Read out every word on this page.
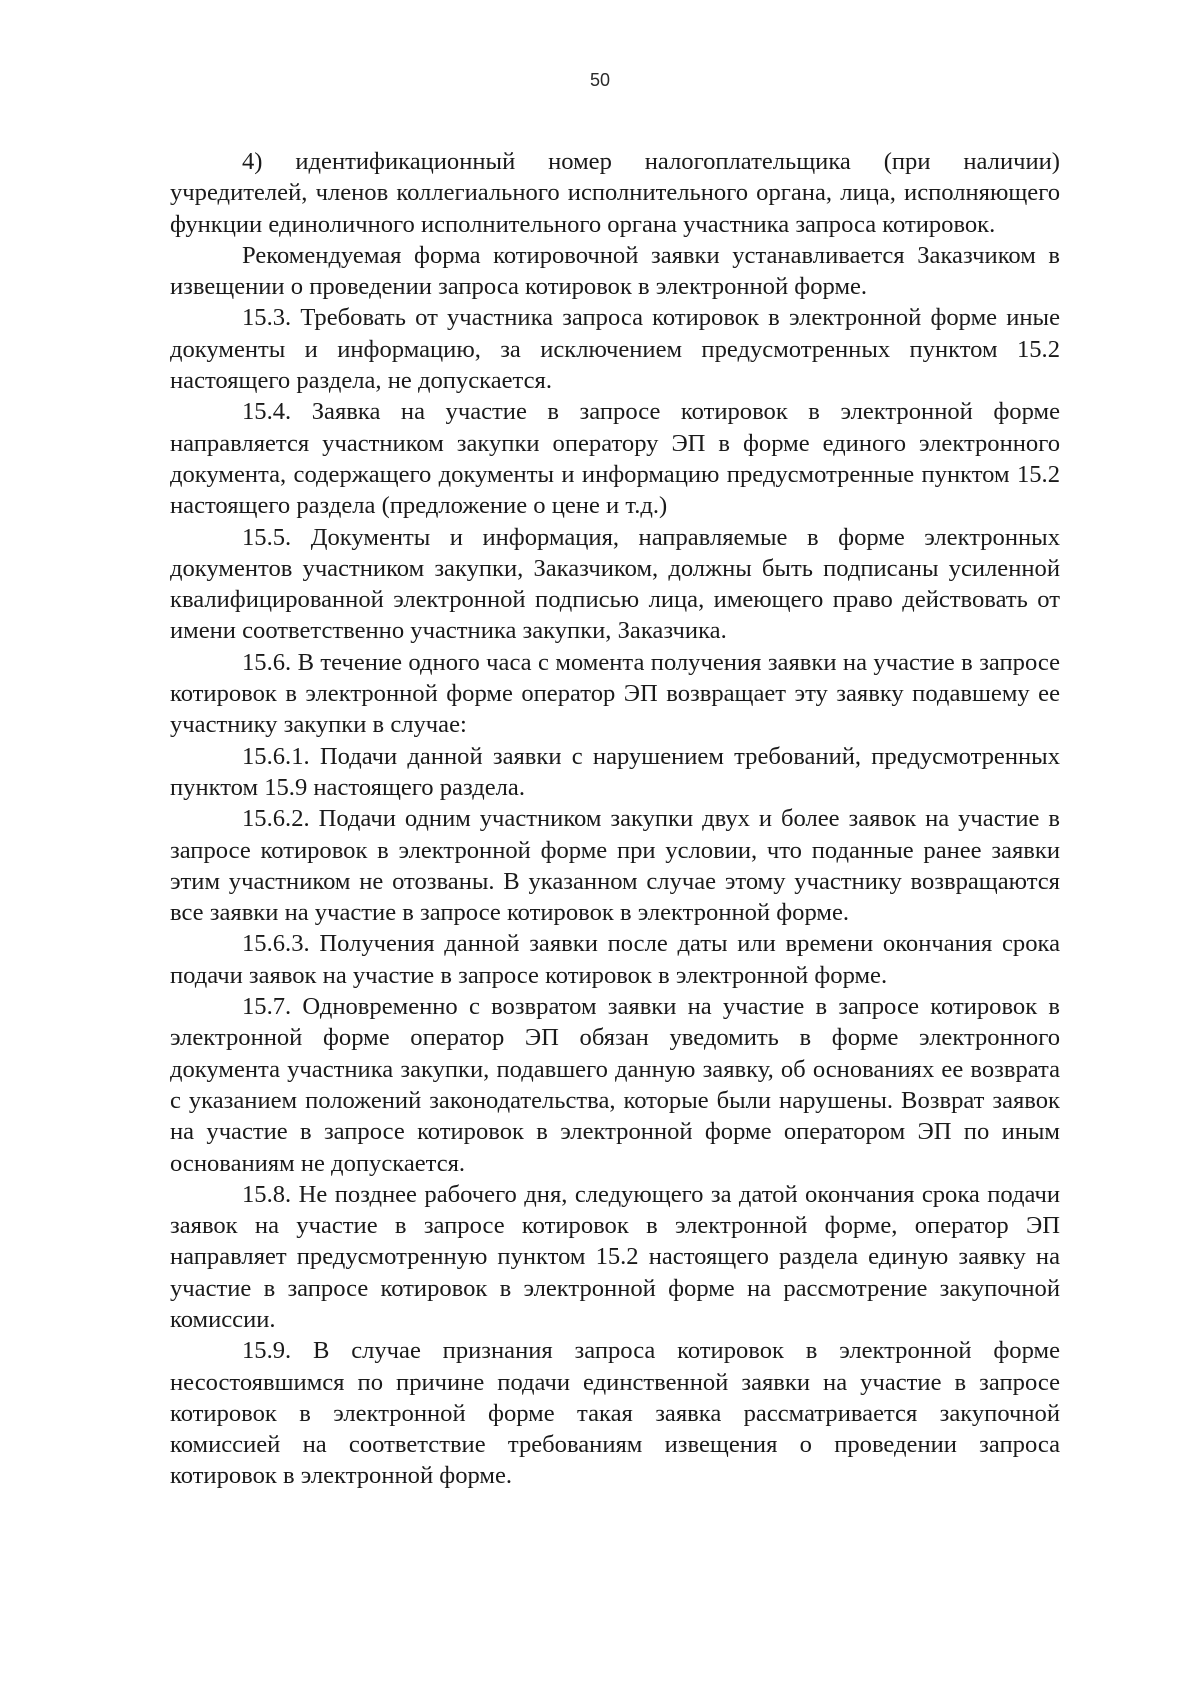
50

4) идентификационный номер налогоплательщика (при наличии) учредителей, членов коллегиального исполнительного органа, лица, исполняющего функции единоличного исполнительного органа участника запроса котировок.

Рекомендуемая форма котировочной заявки устанавливается Заказчиком в извещении о проведении запроса котировок в электронной форме.

15.3. Требовать от участника запроса котировок в электронной форме иные документы и информацию, за исключением предусмотренных пунктом 15.2 настоящего раздела, не допускается.

15.4. Заявка на участие в запросе котировок в электронной форме направляется участником закупки оператору ЭП в форме единого электронного документа, содержащего документы и информацию предусмотренные пунктом 15.2 настоящего раздела (предложение о цене и т.д.)

15.5. Документы и информация, направляемые в форме электронных документов участником закупки, Заказчиком, должны быть подписаны усиленной квалифицированной электронной подписью лица, имеющего право действовать от имени соответственно участника закупки, Заказчика.

15.6. В течение одного часа с момента получения заявки на участие в запросе котировок в электронной форме оператор ЭП возвращает эту заявку подавшему ее участнику закупки в случае:

15.6.1. Подачи данной заявки с нарушением требований, предусмотренных пунктом 15.9 настоящего раздела.

15.6.2. Подачи одним участником закупки двух и более заявок на участие в запросе котировок в электронной форме при условии, что поданные ранее заявки этим участником не отозваны. В указанном случае этому участнику возвращаются все заявки на участие в запросе котировок в электронной форме.

15.6.3. Получения данной заявки после даты или времени окончания срока подачи заявок на участие в запросе котировок в электронной форме.

15.7. Одновременно с возвратом заявки на участие в запросе котировок в электронной форме оператор ЭП обязан уведомить в форме электронного документа участника закупки, подавшего данную заявку, об основаниях ее возврата с указанием положений законодательства, которые были нарушены. Возврат заявок на участие в запросе котировок в электронной форме оператором ЭП по иным основаниям не допускается.

15.8. Не позднее рабочего дня, следующего за датой окончания срока подачи заявок на участие в запросе котировок в электронной форме, оператор ЭП направляет предусмотренную пунктом 15.2 настоящего раздела единую заявку на участие в запросе котировок в электронной форме на рассмотрение закупочной комиссии.

15.9. В случае признания запроса котировок в электронной форме несостоявшимся по причине подачи единственной заявки на участие в запросе котировок в электронной форме такая заявка рассматривается закупочной комиссией на соответствие требованиям извещения о проведении запроса котировок в электронной форме.
